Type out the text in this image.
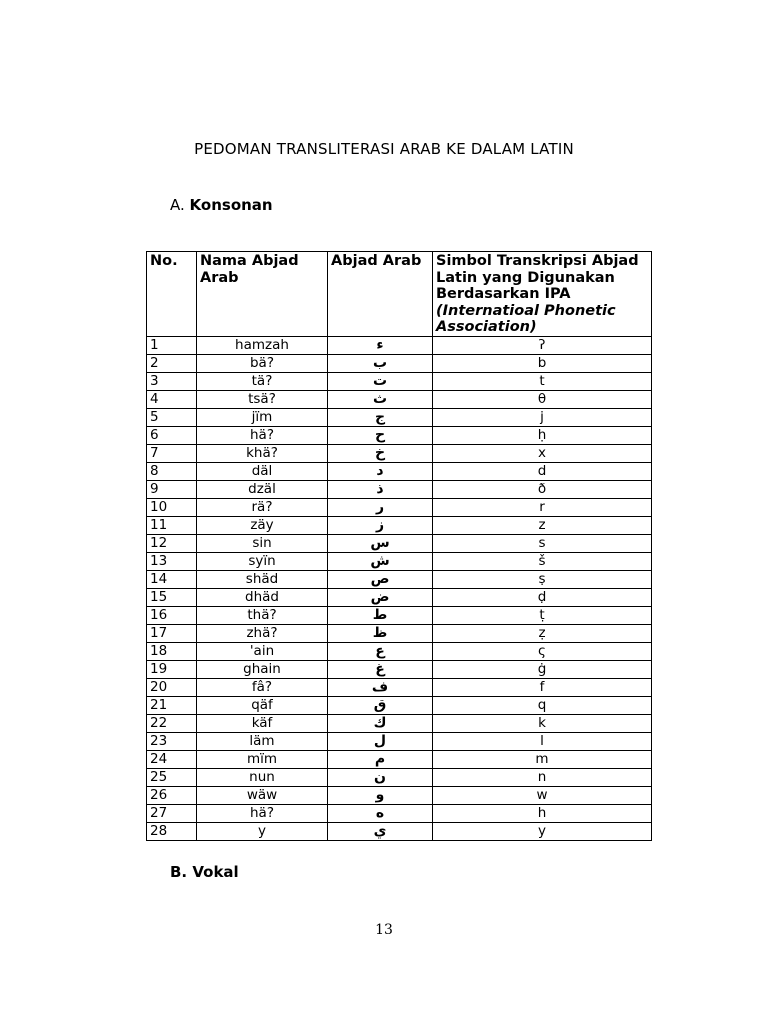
PEDOMAN TRANSLITERASI ARAB KE DALAM LATIN
A. Konsonan
No.	Nama Abjad Arab	Abjad Arab	Simbol Transkripsi Abjad Latin yang Digunakan Berdasarkan IPA (Internatioal Phonetic Association)
1	hamzah	ء	ʔ
2	bä?	ب	b
3	tä?	ت	t
4	tsä?	ث	θ
5	jïm	ج	j
6	hä?	ح	ḥ
7	khä?	خ	x
8	däl	د	d
9	dzäl	ذ	ð
10	rä?	ر	r
11	zäy	ز	z
12	sin	س	s
13	syïn	ش	š
14	shäd	ص	ṣ
15	dhäd	ض	ḍ
16	thä?	ط	ṭ
17	zhä?	ظ	ẓ
18	'ain	ع	ς
19	ghain	غ	ġ
20	fâ?	ف	f
21	qäf	ق	q
22	käf	ك	k
23	läm	ل	l
24	mïm	م	m
25	nun	ن	n
26	wäw	و	w
27	hä?	ه	h
28	y	ي	y
B. Vokal
13
